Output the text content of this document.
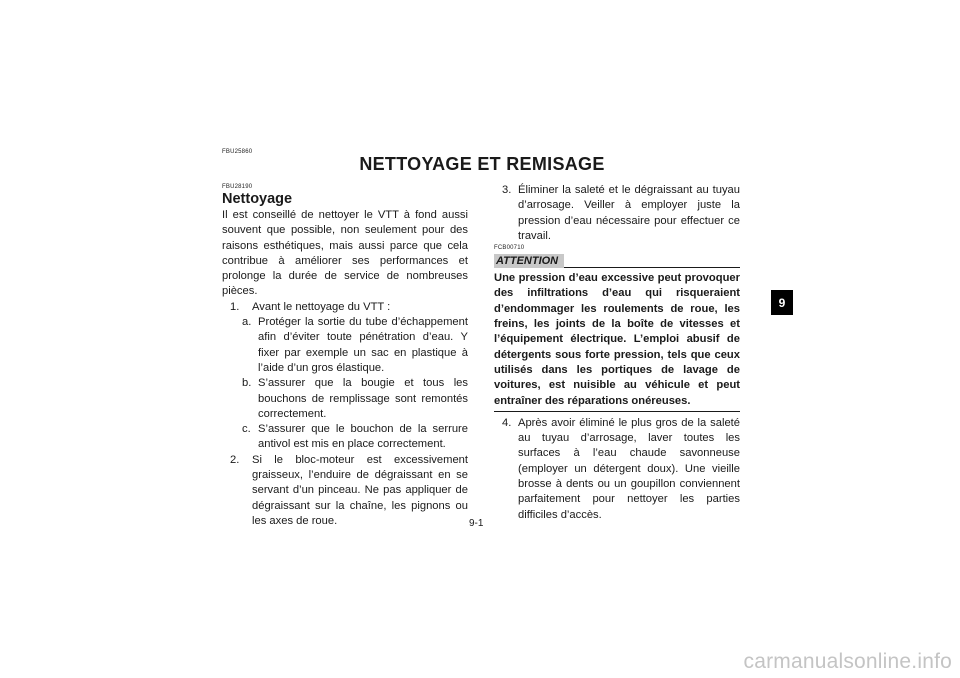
FBU25860
NETTOYAGE ET REMISAGE
FBU28190
Nettoyage

Il est conseillé de nettoyer le VTT à fond aussi souvent que possible, non seulement pour des raisons esthétiques, mais aussi parce que cela contribue à améliorer ses performances et prolonge la durée de service de nombreuses pièces.

1. Avant le nettoyage du VTT :
a. Protéger la sortie du tube d’échappement afin d’éviter toute pénétration d’eau. Y fixer par exemple un sac en plastique à l’aide d’un gros élastique.
b. S’assurer que la bougie et tous les bouchons de remplissage sont remontés correctement.
c. S’assurer que le bouchon de la serrure antivol est mis en place correctement.
2. Si le bloc-moteur est excessivement graisseux, l’enduire de dégraissant en se servant d’un pinceau. Ne pas appliquer de dégraissant sur la chaîne, les pignons ou les axes de roue.
3. Éliminer la saleté et le dégraissant au tuyau d’arrosage. Veiller à employer juste la pression d’eau nécessaire pour effectuer ce travail.
FCB00710
ATTENTION

Une pression d’eau excessive peut provoquer des infiltrations d’eau qui risqueraient d’endommager les roulements de roue, les freins, les joints de la boîte de vitesses et l’équipement électrique. L’emploi abusif de détergents sous forte pression, tels que ceux utilisés dans les portiques de lavage de voitures, est nuisible au véhicule et peut entraîner des réparations onéreuses.

4. Après avoir éliminé le plus gros de la saleté au tuyau d’arrosage, laver toutes les surfaces à l’eau chaude savonneuse (employer un détergent doux). Une vieille brosse à dents ou un goupillon conviennent parfaitement pour nettoyer les parties difficiles d’accès.
9-1
9
carmanualsonline.info
